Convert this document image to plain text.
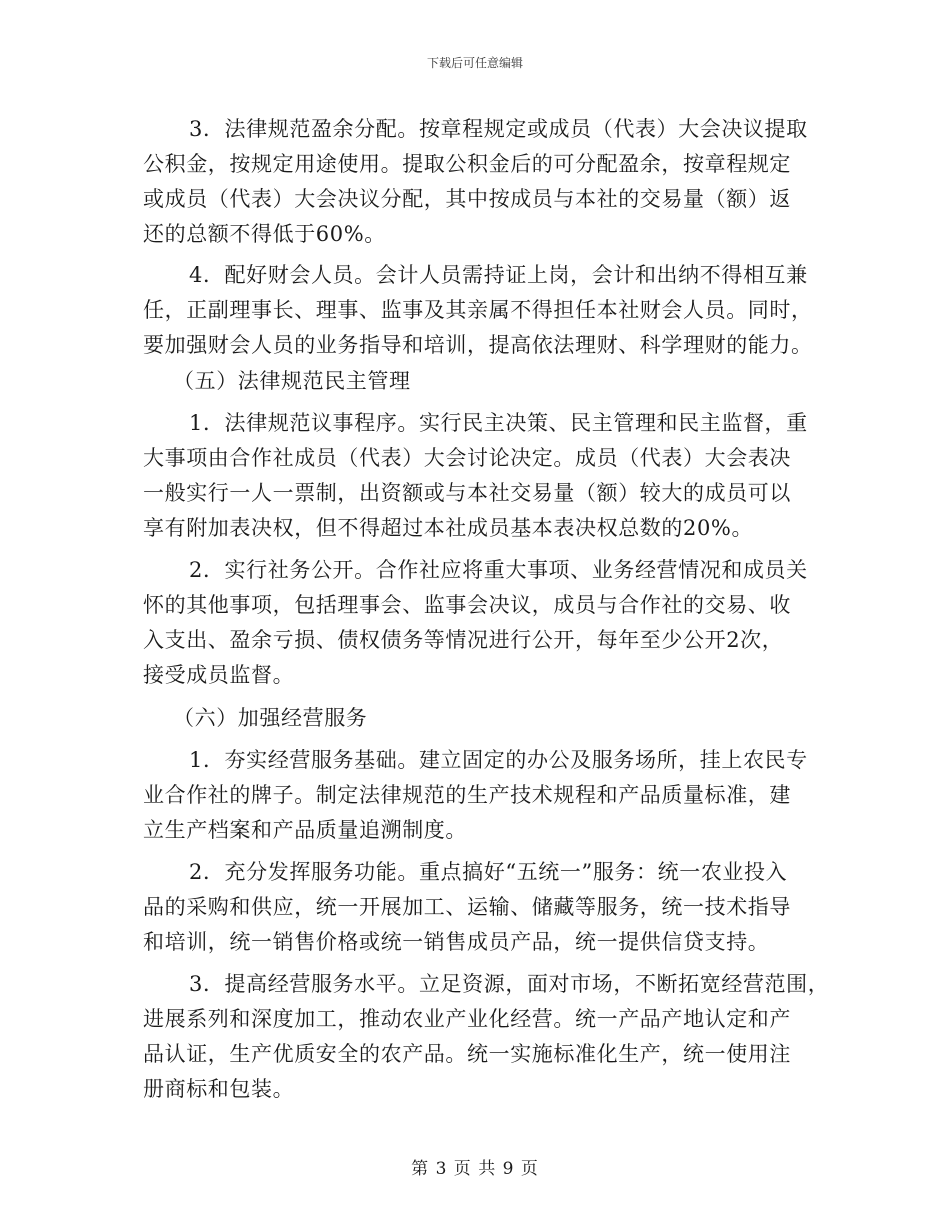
下载后可任意编辑
3．法律规范盈余分配。按章程规定或成员（代表）大会决议提取
公积金，按规定用途使用。提取公积金后的可分配盈余，按章程规定
或成员（代表）大会决议分配，其中按成员与本社的交易量（额）返
还的总额不得低于60%。
4．配好财会人员。会计人员需持证上岗，会计和出纳不得相互兼
任，正副理事长、理事、监事及其亲属不得担任本社财会人员。同时，
要加强财会人员的业务指导和培训，提高依法理财、科学理财的能力。
（五）法律规范民主管理
1．法律规范议事程序。实行民主决策、民主管理和民主监督，重
大事项由合作社成员（代表）大会讨论决定。成员（代表）大会表决
一般实行一人一票制，出资额或与本社交易量（额）较大的成员可以
享有附加表决权，但不得超过本社成员基本表决权总数的20%。
2．实行社务公开。合作社应将重大事项、业务经营情况和成员关
怀的其他事项，包括理事会、监事会决议，成员与合作社的交易、收
入支出、盈余亏损、债权债务等情况进行公开，每年至少公开2次，
接受成员监督。
（六）加强经营服务
1．夯实经营服务基础。建立固定的办公及服务场所，挂上农民专
业合作社的牌子。制定法律规范的生产技术规程和产品质量标准，建
立生产档案和产品质量追溯制度。
2．充分发挥服务功能。重点搞好“五统一”服务：统一农业投入
品的采购和供应，统一开展加工、运输、储藏等服务，统一技术指导
和培训，统一销售价格或统一销售成员产品，统一提供信贷支持。
3．提高经营服务水平。立足资源，面对市场，不断拓宽经营范围，
进展系列和深度加工，推动农业产业化经营。统一产品产地认定和产
品认证，生产优质安全的农产品。统一实施标准化生产，统一使用注
册商标和包装。
第 3 页 共 9 页
